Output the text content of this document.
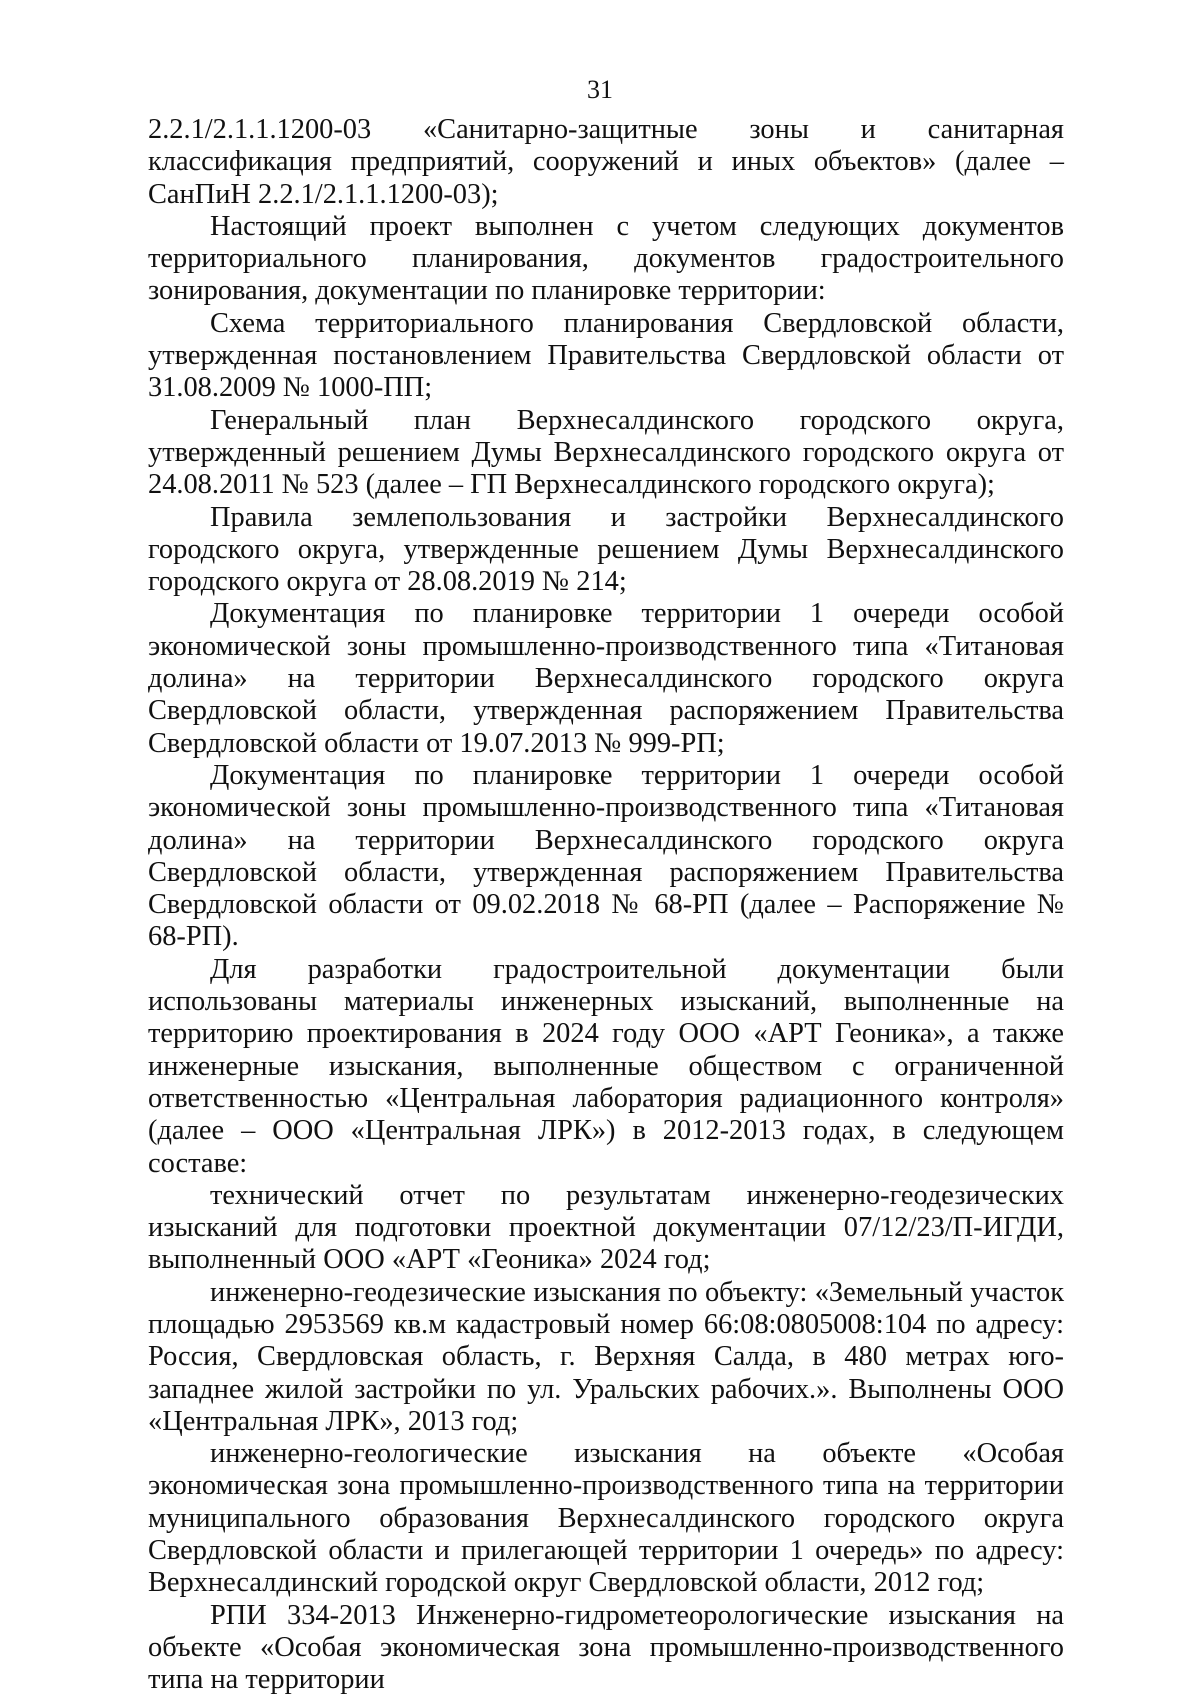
31

2.2.1/2.1.1.1200-03 «Санитарно-защитные зоны и санитарная классификация предприятий, сооружений и иных объектов» (далее – СанПиН 2.2.1/2.1.1.1200-03);

Настоящий проект выполнен с учетом следующих документов территориального планирования, документов градостроительного зонирования, документации по планировке территории:

Схема территориального планирования Свердловской области, утвержденная постановлением Правительства Свердловской области от 31.08.2009 № 1000-ПП;

Генеральный план Верхнесалдинского городского округа, утвержденный решением Думы Верхнесалдинского городского округа от 24.08.2011 № 523 (далее – ГП Верхнесалдинского городского округа);

Правила землепользования и застройки Верхнесалдинского городского округа, утвержденные решением Думы Верхнесалдинского городского округа от 28.08.2019 № 214;

Документация по планировке территории 1 очереди особой экономической зоны промышленно-производственного типа «Титановая долина» на территории Верхнесалдинского городского округа Свердловской области, утвержденная распоряжением Правительства Свердловской области от 19.07.2013 № 999-РП;

Документация по планировке территории 1 очереди особой экономической зоны промышленно-производственного типа «Титановая долина» на территории Верхнесалдинского городского округа Свердловской области, утвержденная распоряжением Правительства Свердловской области от 09.02.2018 № 68-РП (далее – Распоряжение № 68-РП).

Для разработки градостроительной документации были использованы материалы инженерных изысканий, выполненные на территорию проектирования в 2024 году ООО «АРТ Геоника», а также инженерные изыскания, выполненные обществом с ограниченной ответственностью «Центральная лаборатория радиационного контроля» (далее – ООО «Центральная ЛРК») в 2012-2013 годах, в следующем составе:

технический отчет по результатам инженерно-геодезических изысканий для подготовки проектной документации 07/12/23/П-ИГДИ, выполненный ООО «АРТ «Геоника» 2024 год;

инженерно-геодезические изыскания по объекту: «Земельный участок площадью 2953569 кв.м кадастровый номер 66:08:0805008:104 по адресу: Россия, Свердловская область, г. Верхняя Салда, в 480 метрах юго-западнее жилой застройки по ул. Уральских рабочих.». Выполнены ООО «Центральная ЛРК», 2013 год;

инженерно-геологические изыскания на объекте «Особая экономическая зона промышленно-производственного типа на территории муниципального образования Верхнесалдинского городского округа Свердловской области и прилегающей территории 1 очередь» по адресу: Верхнесалдинский городской округ Свердловской области, 2012 год;

РПИ 334-2013 Инженерно-гидрометеорологические изыскания на объекте «Особая экономическая зона промышленно-производственного типа на территории
